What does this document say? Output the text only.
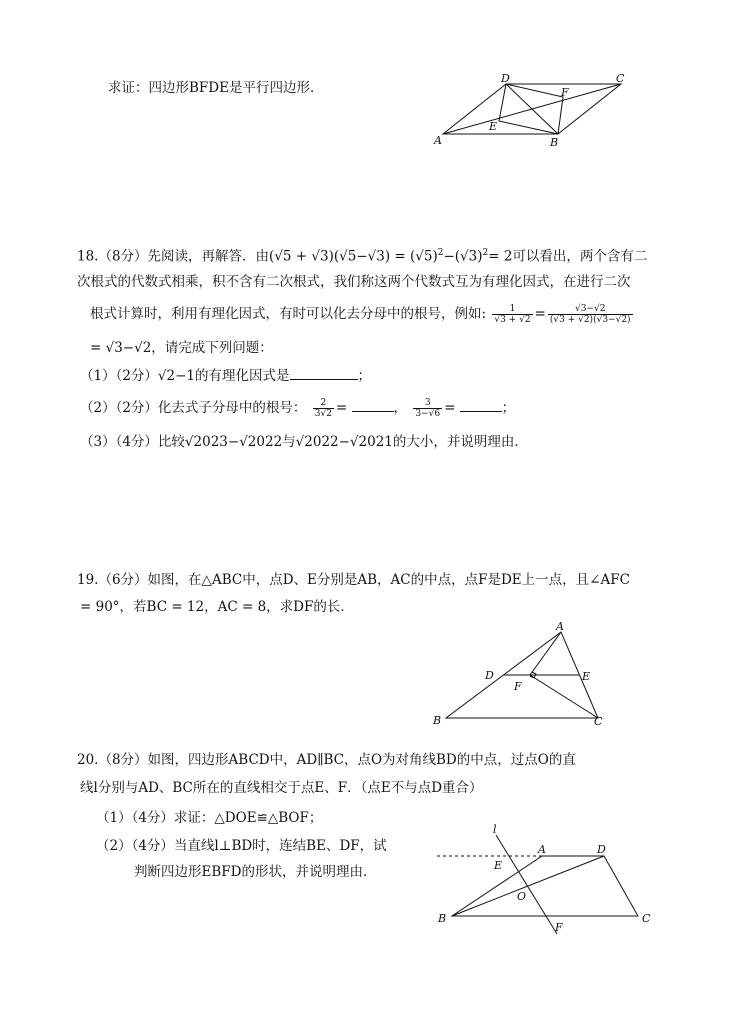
求证：四边形BFDE是平行四边形．
D	C
F
E
A	B
18.（8分）先阅读，再解答．由$(√5 + √3)(√5-√3) = (√5)^2-(√3)^2= 2$可以看出，两个含有二
次根式的代数式相乘，积不含有二次根式，我们称这两个代数式互为有理化因式，在进行二次
根式计算时，利用有理化因式，有时可以化去分母中的根号，例如: $\frac{1}{√3 + √2} = \frac{√3-√2}{(√3 + √2)(√3-√2)}$
= √3−√2，请完成下列问题：
（1）（2分）√2−1的有理化因式是	；
（2）（2分）化去式子分母中的根号： $\frac{2}{3√2}$ =	， $\frac{3}{3-√6}$ =	；
（3）（4分）比较√2023−√2022与√2022−√2021的大小，并说明理由．
19.（6分）如图，在△ABC中，点D、E分别是AB，AC的中点，点F是DE上一点，且∠AFC
= 90°，若BC = 12，AC = 8，求DF的长．
A
D	E
F
B	C
20.（8分）如图，四边形ABCD中，AD∥BC，点O为对角线BD的中点，过点O的直
线l分别与AD、BC所在的直线相交于点E、F．（点E不与点D重合）
（1）（4分）求证：△DOE≌△BOF；
（2）（4分）当直线l⊥BD时，连结BE、DF，试
判断四边形EBFD的形状，并说明理由．
l
A	D
E
O
B	C
F
